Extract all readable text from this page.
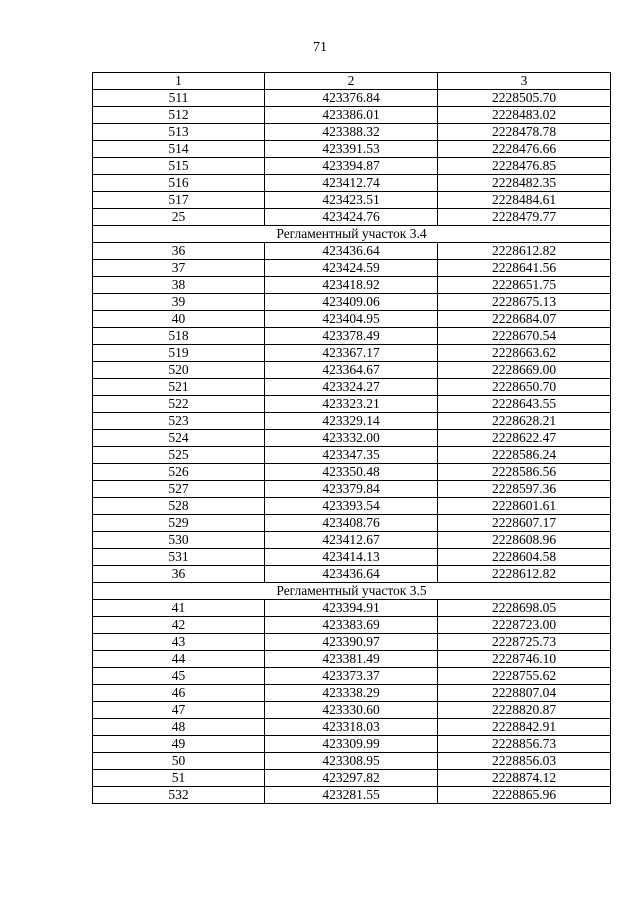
71
1	2	3
511	423376.84	2228505.70
512	423386.01	2228483.02
513	423388.32	2228478.78
514	423391.53	2228476.66
515	423394.87	2228476.85
516	423412.74	2228482.35
517	423423.51	2228484.61
25	423424.76	2228479.77
Регламентный участок 3.4		
36	423436.64	2228612.82
37	423424.59	2228641.56
38	423418.92	2228651.75
39	423409.06	2228675.13
40	423404.95	2228684.07
518	423378.49	2228670.54
519	423367.17	2228663.62
520	423364.67	2228669.00
521	423324.27	2228650.70
522	423323.21	2228643.55
523	423329.14	2228628.21
524	423332.00	2228622.47
525	423347.35	2228586.24
526	423350.48	2228586.56
527	423379.84	2228597.36
528	423393.54	2228601.61
529	423408.76	2228607.17
530	423412.67	2228608.96
531	423414.13	2228604.58
36	423436.64	2228612.82
Регламентный участок 3.5		
41	423394.91	2228698.05
42	423383.69	2228723.00
43	423390.97	2228725.73
44	423381.49	2228746.10
45	423373.37	2228755.62
46	423338.29	2228807.04
47	423330.60	2228820.87
48	423318.03	2228842.91
49	423309.99	2228856.73
50	423308.95	2228856.03
51	423297.82	2228874.12
532	423281.55	2228865.96
